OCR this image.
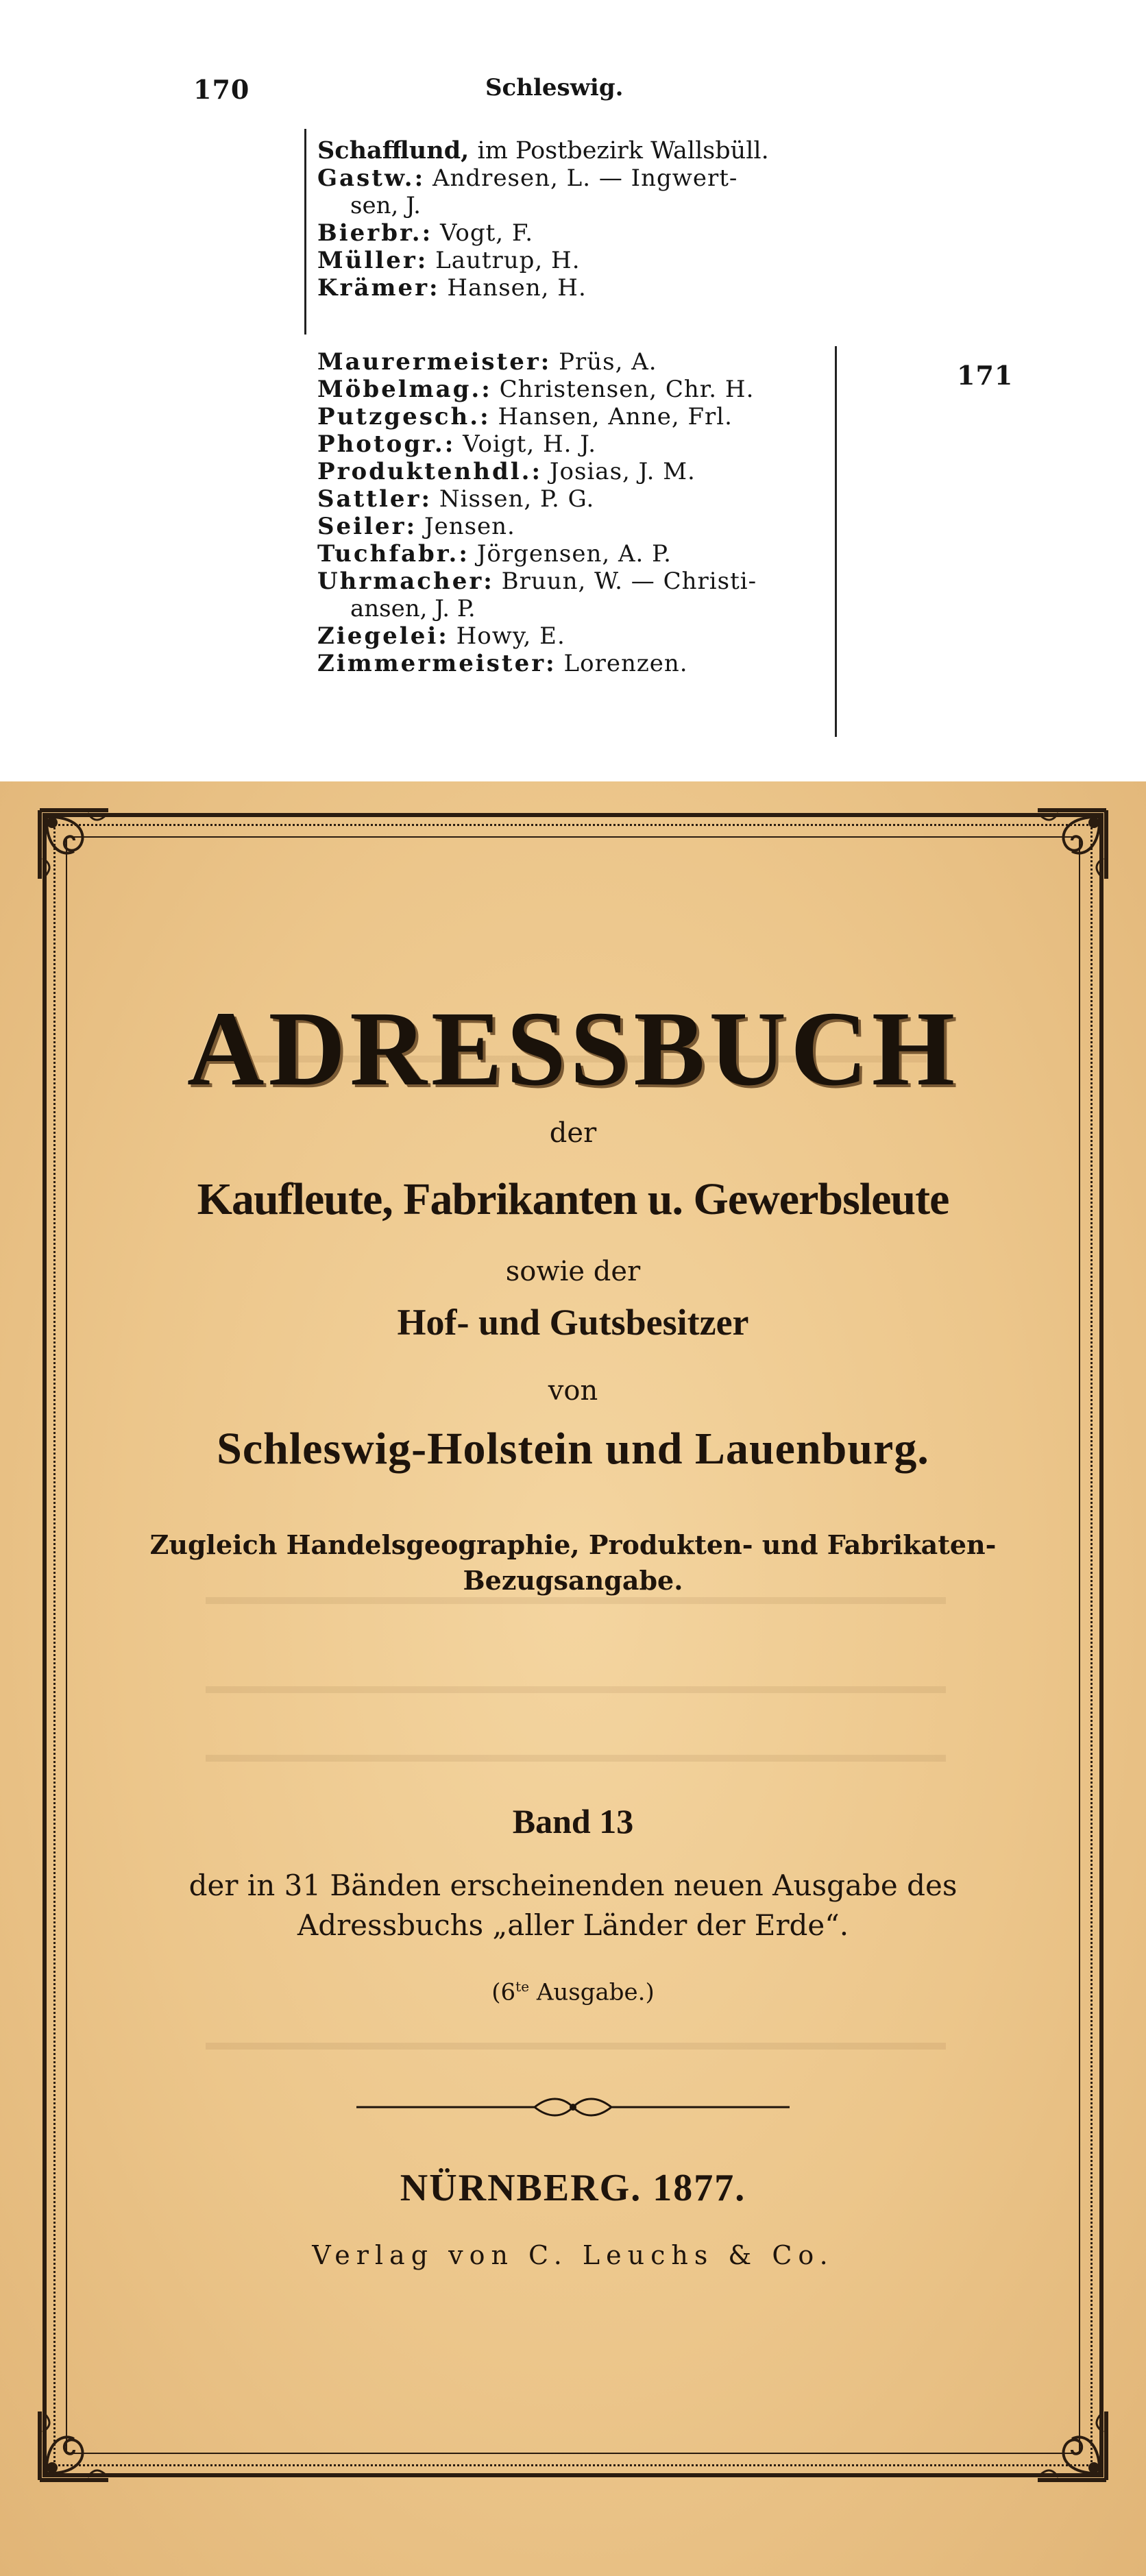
170	Schleswig.
171
Schafflund, im Postbezirk Wallsbüll.
Gastw.: Andresen, L. — Ingwert-
sen, J.
Bierbr.: Vogt, F.
Müller: Lautrup, H.
Krämer: Hansen, H.
Maurermeister: Prüs, A.
Möbelmag.: Christensen, Chr. H.
Putzgesch.: Hansen, Anne, Frl.
Photogr.: Voigt, H. J.
Produktenhdl.: Josias, J. M.
Sattler: Nissen, P. G.
Seiler: Jensen.
Tuchfabr.: Jörgensen, A. P.
Uhrmacher: Bruun, W. — Christi-
ansen, J. P.
Ziegelei: Howy, E.
Zimmermeister: Lorenzen.
ADRESSBUCH
der
Kaufleute, Fabrikanten u. Gewerbsleute
sowie der
Hof- und Gutsbesitzer
von
Schleswig-Holstein und Lauenburg.
Zugleich Handelsgeographie, Produkten- und Fabrikaten-
Bezugsangabe.
Band 13
der in 31 Bänden erscheinenden neuen Ausgabe des
Adressbuchs „aller Länder der Erde“.
($6^{te}$ Ausgabe.)
NÜRNBERG. 1877.
Verlag von C. Leuchs & Co.
